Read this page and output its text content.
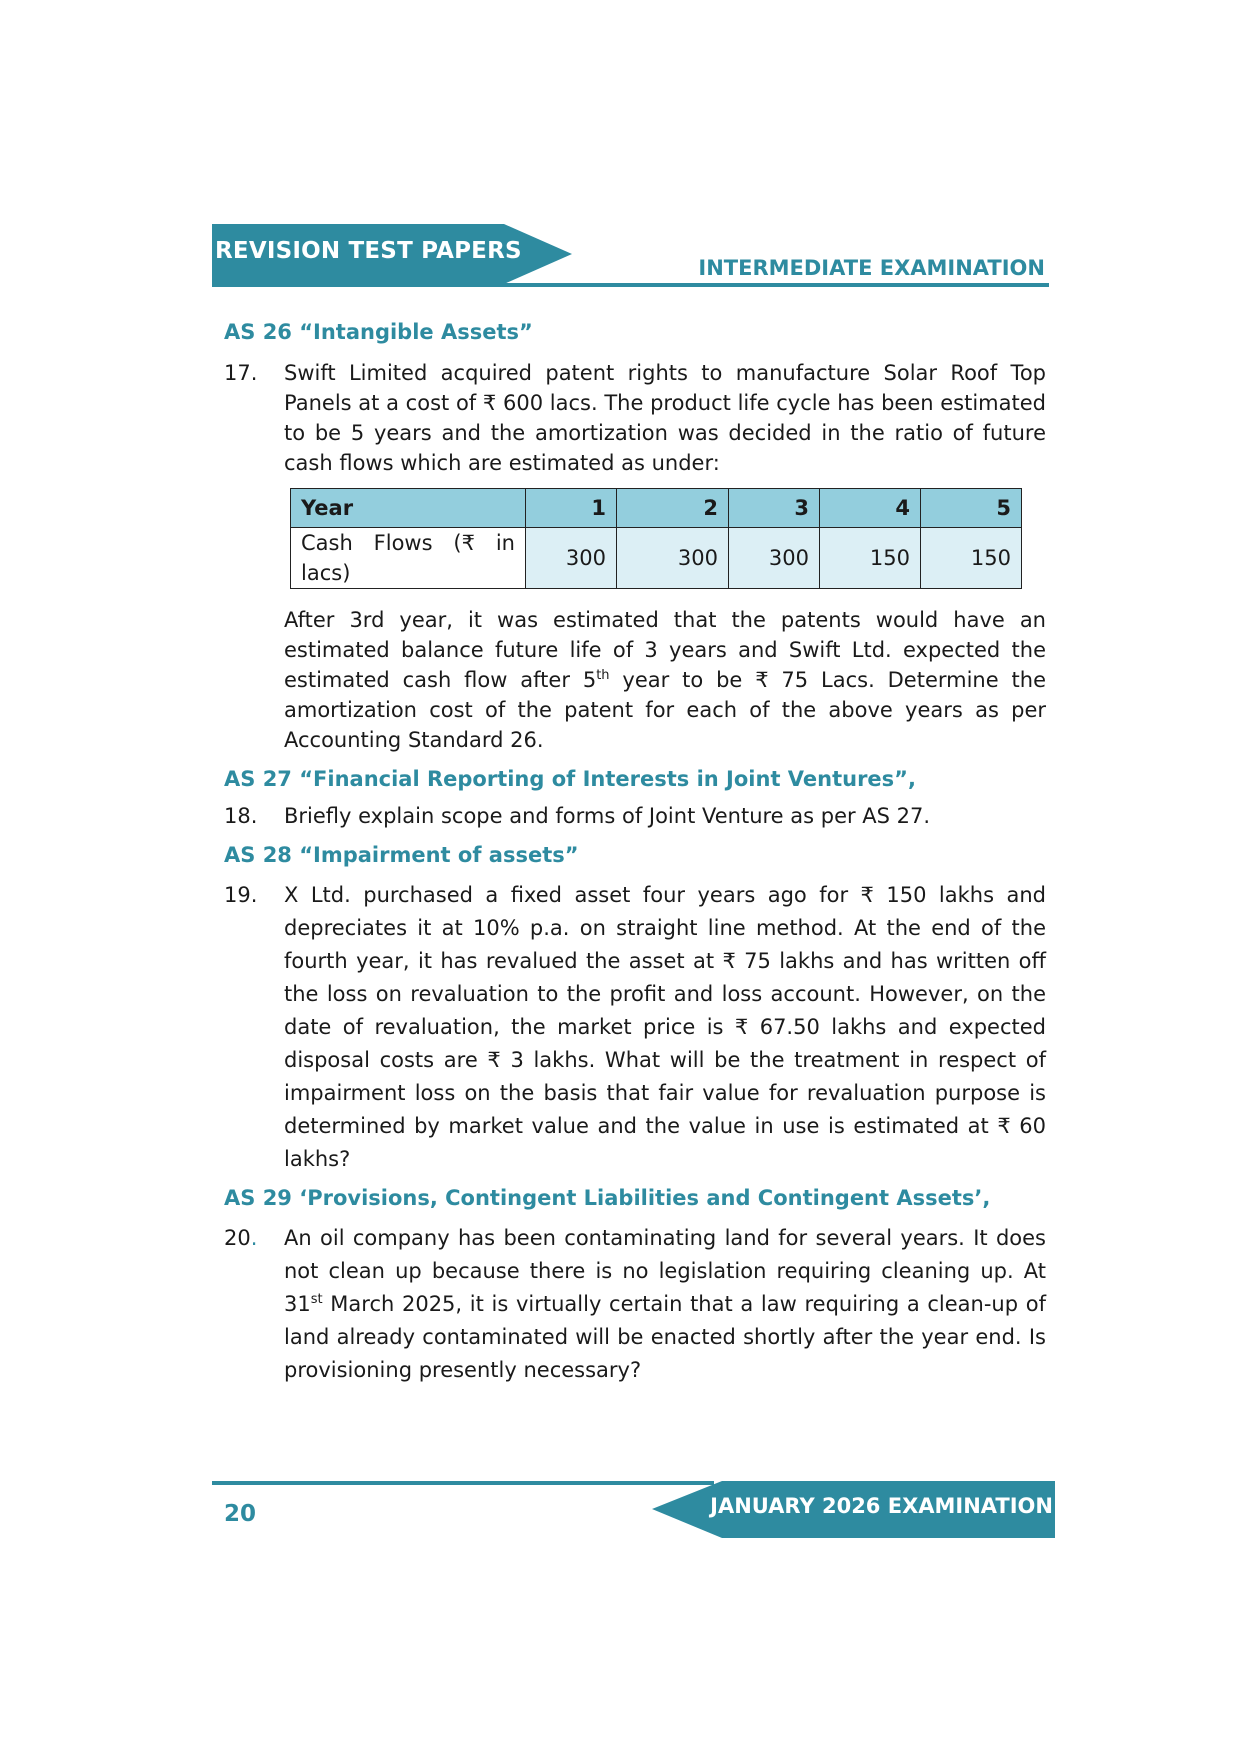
REVISION TEST PAPERS
INTERMEDIATE EXAMINATION
AS 26 “Intangible Assets”
17.	Swift Limited acquired patent rights to manufacture Solar Roof Top Panels at a cost of ₹ 600 lacs. The product life cycle has been estimated to be 5 years and the amortization was decided in the ratio of future cash flows which are estimated as under:

Year	1	2	3	4	5
Cash Flows (₹ in lacs)	300	300	300	150	150

After 3rd year, it was estimated that the patents would have an estimated balance future life of 3 years and Swift Ltd. expected the estimated cash flow after 5th year to be ₹ 75 Lacs. Determine the amortization cost of the patent for each of the above years as per Accounting Standard 26.

AS 27 “Financial Reporting of Interests in Joint Ventures”,
18.	Briefly explain scope and forms of Joint Venture as per AS 27.

AS 28 “Impairment of assets”
19.	X Ltd. purchased a fixed asset four years ago for ₹ 150 lakhs and depreciates it at 10% p.a. on straight line method. At the end of the fourth year, it has revalued the asset at ₹ 75 lakhs and has written off the loss on revaluation to the profit and loss account. However, on the date of revaluation, the market price is ₹ 67.50 lakhs and expected disposal costs are ₹ 3 lakhs. What will be the treatment in respect of impairment loss on the basis that fair value for revaluation purpose is determined by market value and the value in use is estimated at ₹ 60 lakhs?

AS 29 ‘Provisions, Contingent Liabilities and Contingent Assets’,
20.	An oil company has been contaminating land for several years. It does not clean up because there is no legislation requiring cleaning up. At 31st March 2025, it is virtually certain that a law requiring a clean-up of land already contaminated will be enacted shortly after the year end. Is provisioning presently necessary?

JANUARY 2026 EXAMINATION
20
